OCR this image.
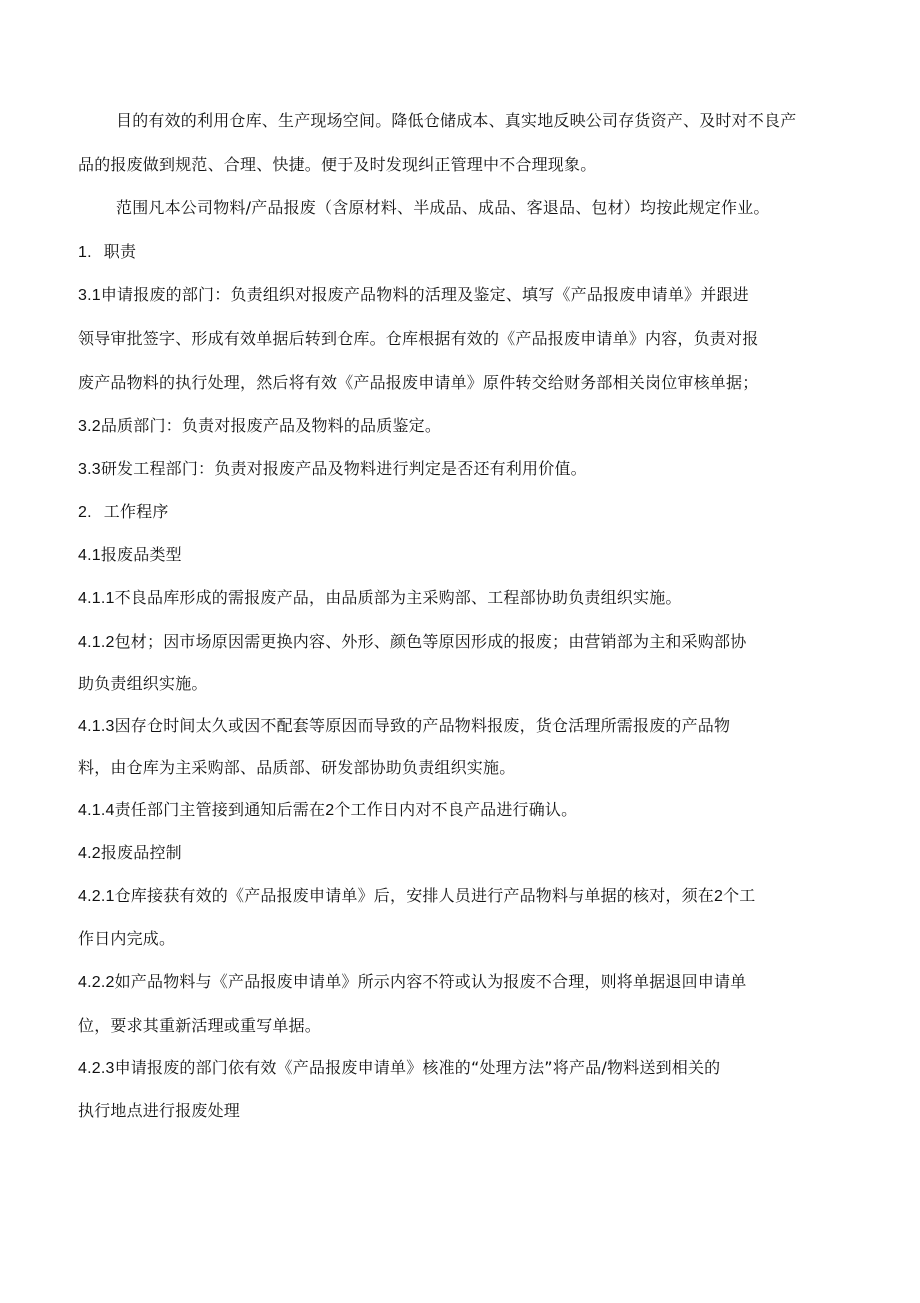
目的有效的利用仓库、生产现场空间。降低仓储成本、真实地反映公司存货资产、及时对不良产
品的报废做到规范、合理、快捷。便于及时发现纠正管理中不合理现象。
范围凡本公司物料/产品报废（含原材料、半成品、成品、客退品、包材）均按此规定作业。
1. 职责
3.1申请报废的部门：负责组织对报废产品物料的活理及鉴定、填写《产品报废申请单》并跟进
领导审批签字、形成有效单据后转到仓库。仓库根据有效的《产品报废申请单》内容，负责对报
废产品物料的执行处理，然后将有效《产品报废申请单》原件转交给财务部相关岗位审核单据；
3.2品质部门：负责对报废产品及物料的品质鉴定。
3.3研发工程部门：负责对报废产品及物料进行判定是否还有利用价值。
2. 工作程序
4.1报废品类型
4.1.1不良品库形成的需报废产品，由品质部为主采购部、工程部协助负责组织实施。
4.1.2包材；因市场原因需更换内容、外形、颜色等原因形成的报废；由营销部为主和采购部协
助负责组织实施。
4.1.3因存仓时间太久或因不配套等原因而导致的产品物料报废，货仓活理所需报废的产品物
料，由仓库为主采购部、品质部、研发部协助负责组织实施。
4.1.4责任部门主管接到通知后需在2个工作日内对不良产品进行确认。
4.2报废品控制
4.2.1仓库接获有效的《产品报废申请单》后，安排人员进行产品物料与单据的核对，须在2个工
作日内完成。
4.2.2如产品物料与《产品报废申请单》所示内容不符或认为报废不合理，则将单据退回申请单
位，要求其重新活理或重写单据。
4.2.3申请报废的部门依有效《产品报废申请单》核准的“处理方法”将产品/物料送到相关的
执行地点进行报废处理
